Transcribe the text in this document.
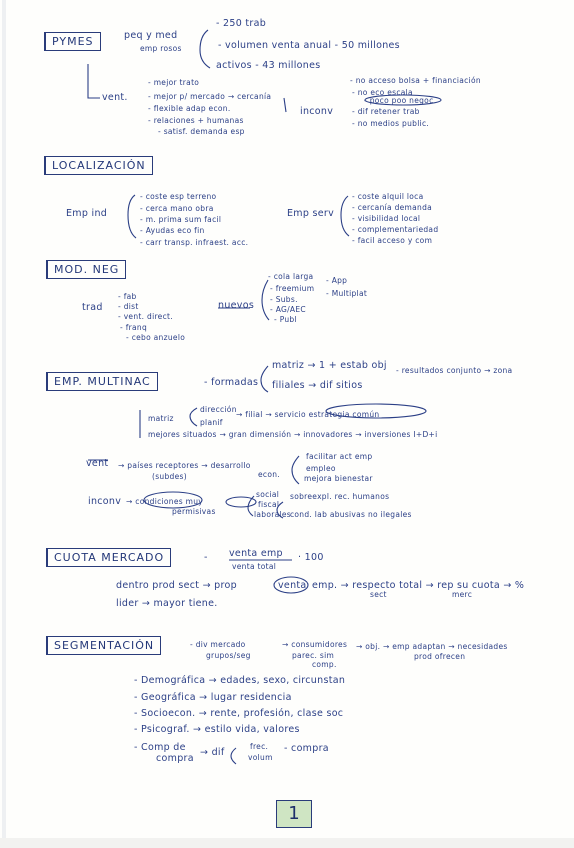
PYMES	peq y med
emp rosos
- 250 trab
- volumen venta anual - 50 millones
activos - 43 millones
vent.
- mejor trato
- mejor p/ mercado → cercanía
- flexible adap econ.
- relaciones + humanas
- satisf. demanda esp
inconv
- no acceso bolsa + financiación
- no eco escala
- poco poo negoc
- dif retener trab
- no medios public.
LOCALIZACIÓN
Emp ind
- coste esp terreno
- cerca mano obra
- m. prima sum facil
- Ayudas eco fin
- carr transp. infraest. acc.
Emp serv
- coste alquil loca
- cercanía demanda
- visibilidad local
- complementariedad
- facil acceso y com
MOD. NEG
trad
- fab
- dist
- vent. direct.
- franq
- cebo anzuelo
nuevos
- cola larga
- freemium
- Subs.
- AG/AEC
- Publ
- App
- Multiplat
EMP. MULTINAC	- formadas
matriz → 1 + estab obj
filiales → dif sitios
- resultados conjunto → zona
matriz
dirección
planif
→ filial → servicio estrategia común
mejores situados → gran dimensión → innovadores → inversiones I+D+i
vent → países receptores → desarrollo
(subdes)	econ.
facilitar act emp
empleo
mejora bienestar
inconv → condiciones muy
permisivas
social
fiscal
laborales
sobreexpl. rec. humanos
cond. lab abusivas no ilegales
CUOTA MERCADO	- venta emp
venta total
· 100
dentro prod sect → prop	venta emp. → respecto total → rep su cuota → %
sect	merc
lider → mayor tiene.
SEGMENTACIÓN	- div mercado
grupos/seg
→ consumidores
parec. sim
comp.
→ obj. → emp adaptan → necesidades
prod ofrecen
- Demográfica → edades, sexo, circunstan
- Geográfica → lugar residencia
- Socioecon. → rente, profesión, clase soc
- Psicograf. → estilo vida, valores
- Comp de
compra
→ dif
frec.
volum
- compra
1
